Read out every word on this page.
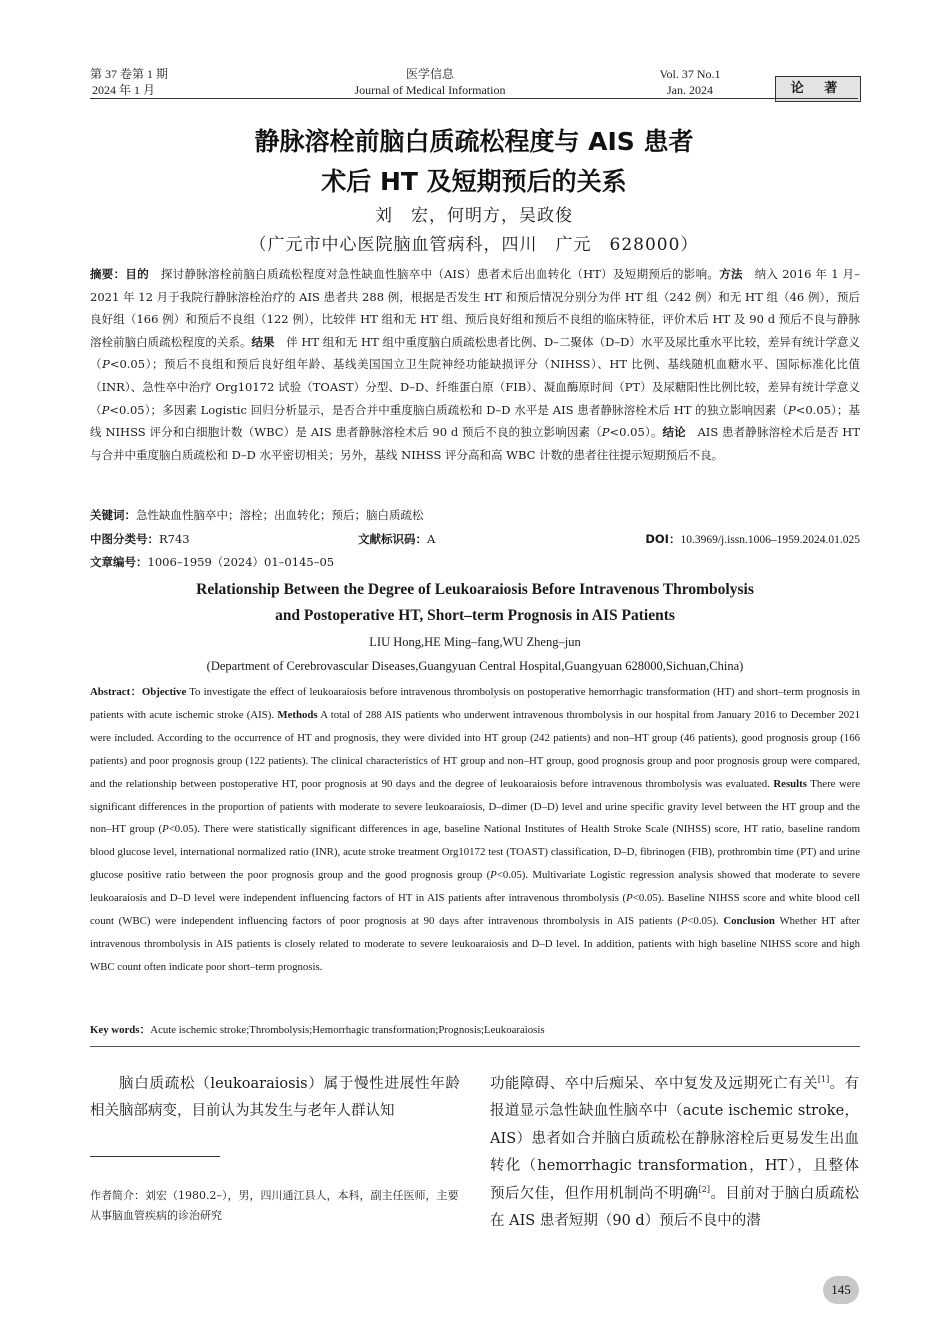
第 37 卷第 1 期
2024 年 1 月
医学信息
Journal of Medical Information
Vol. 37 No.1
Jan. 2024	论 著
静脉溶栓前脑白质疏松程度与 AIS 患者
术后 HT 及短期预后的关系
刘　宏，何明方，吴政俊
（广元市中心医院脑血管病科，四川　广元　628000）
摘要：目的　 探讨静脉溶栓前脑白质疏松程度对急性缺血性脑卒中（AIS）患者术后出血转化（HT）及短期预后的影响。方法　 纳入 2016 年 1 月–2021 年 12 月于我院行静脉溶栓治疗的 AIS 患者共 288 例，根据是否发生 HT 和预后情况分别分为伴 HT 组（242 例）和无 HT 组（46 例），预后良好组（166 例）和预后不良组（122 例），比较伴 HT 组和无 HT 组、预后良好组和预后不良组的临床特征，评价术后 HT 及 90 d 预后不良与静脉溶栓前脑白质疏松程度的关系。结果　 伴 HT 组和无 HT 组中重度脑白质疏松患者比例、D–二聚体（D–D）水平及尿比重水平比较，差异有统计学意义（P<0.05）；预后不良组和预后良好组年龄、基线美国国立卫生院神经功能缺损评分（NIHSS）、HT 比例、基线随机血糖水平、国际标准化比值（INR）、急性卒中治疗 Org10172 试验（TOAST）分型、D–D、纤维蛋白原（FIB）、凝血酶原时间（PT）及尿糖阳性比例比较，差异有统计学意义（P<0.05）；多因素 Logistic 回归分析显示，是否合并中重度脑白质疏松和 D–D 水平是 AIS 患者静脉溶栓术后 HT 的独立影响因素（P<0.05）；基线 NIHSS 评分和白细胞计数（WBC）是 AIS 患者静脉溶栓术后 90 d 预后不良的独立影响因素（P<0.05）。结论　 AIS 患者静脉溶栓术后是否 HT 与合并中重度脑白质疏松和 D–D 水平密切相关；另外，基线 NIHSS 评分高和高 WBC 计数的患者往往提示短期预后不良。
关键词：急性缺血性脑卒中；溶栓；出血转化；预后；脑白质疏松
中图分类号：R743	文献标识码：A	DOI：10.3969/j.issn.1006–1959.2024.01.025
文章编号：1006–1959（2024）01–0145–05
Relationship Between the Degree of Leukoaraiosis Before Intravenous Thrombolysis
and Postoperative HT, Short–term Prognosis in AIS Patients
LIU Hong,HE Ming–fang,WU Zheng–jun
(Department of Cerebrovascular Diseases,Guangyuan Central Hospital,Guangyuan 628000,Sichuan,China)
Abstract：Objective To investigate the effect of leukoaraiosis before intravenous thrombolysis on postoperative hemorrhagic transformation (HT) and short–term prognosis in patients with acute ischemic stroke (AIS). Methods A total of 288 AIS patients who underwent intravenous thrombolysis in our hospital from January 2016 to December 2021 were included. According to the occurrence of HT and prognosis, they were divided into HT group (242 patients) and non–HT group (46 patients), good prognosis group (166 patients) and poor prognosis group (122 patients). The clinical characteristics of HT group and non–HT group, good prognosis group and poor prognosis group were compared, and the relationship between postoperative HT, poor prognosis at 90 days and the degree of leukoaraiosis before intravenous thrombolysis was evaluated. Results There were significant differences in the proportion of patients with moderate to severe leukoaraiosis, D–dimer (D–D) level and urine specific gravity level between the HT group and the non–HT group (P<0.05). There were statistically significant differences in age, baseline National Institutes of Health Stroke Scale (NIHSS) score, HT ratio, baseline random blood glucose level, international normalized ratio (INR), acute stroke treatment Org10172 test (TOAST) classification, D–D, fibrinogen (FIB), prothrombin time (PT) and urine glucose positive ratio between the poor prognosis group and the good prognosis group (P<0.05). Multivariate Logistic regression analysis showed that moderate to severe leukoaraiosis and D–D level were independent influencing factors of HT in AIS patients after intravenous thrombolysis (P<0.05). Baseline NIHSS score and white blood cell count (WBC) were independent influencing factors of poor prognosis at 90 days after intravenous thrombolysis in AIS patients (P<0.05). Conclusion Whether HT after intravenous thrombolysis in AIS patients is closely related to moderate to severe leukoaraiosis and D–D level. In addition, patients with high baseline NIHSS score and high WBC count often indicate poor short–term prognosis.
Key words：Acute ischemic stroke;Thrombolysis;Hemorrhagic transformation;Prognosis;Leukoaraiosis
脑白质疏松（leukoaraiosis）属于慢性进展性年龄相关脑部病变，目前认为其发生与老年人群认知
功能障碍、卒中后痴呆、卒中复发及远期死亡有关[1]。有报道显示急性缺血性脑卒中（acute ischemic stroke，AIS）患者如合并脑白质疏松在静脉溶栓后更易发生出血转化（hemorrhagic transformation，HT），且整体预后欠佳，但作用机制尚不明确[2]。目前对于脑白质疏松在 AIS 患者短期（90 d）预后不良中的潜
作者简介：刘宏（1980.2–），男，四川通江县人，本科，副主任医师，主要从事脑血管疾病的诊治研究
145
